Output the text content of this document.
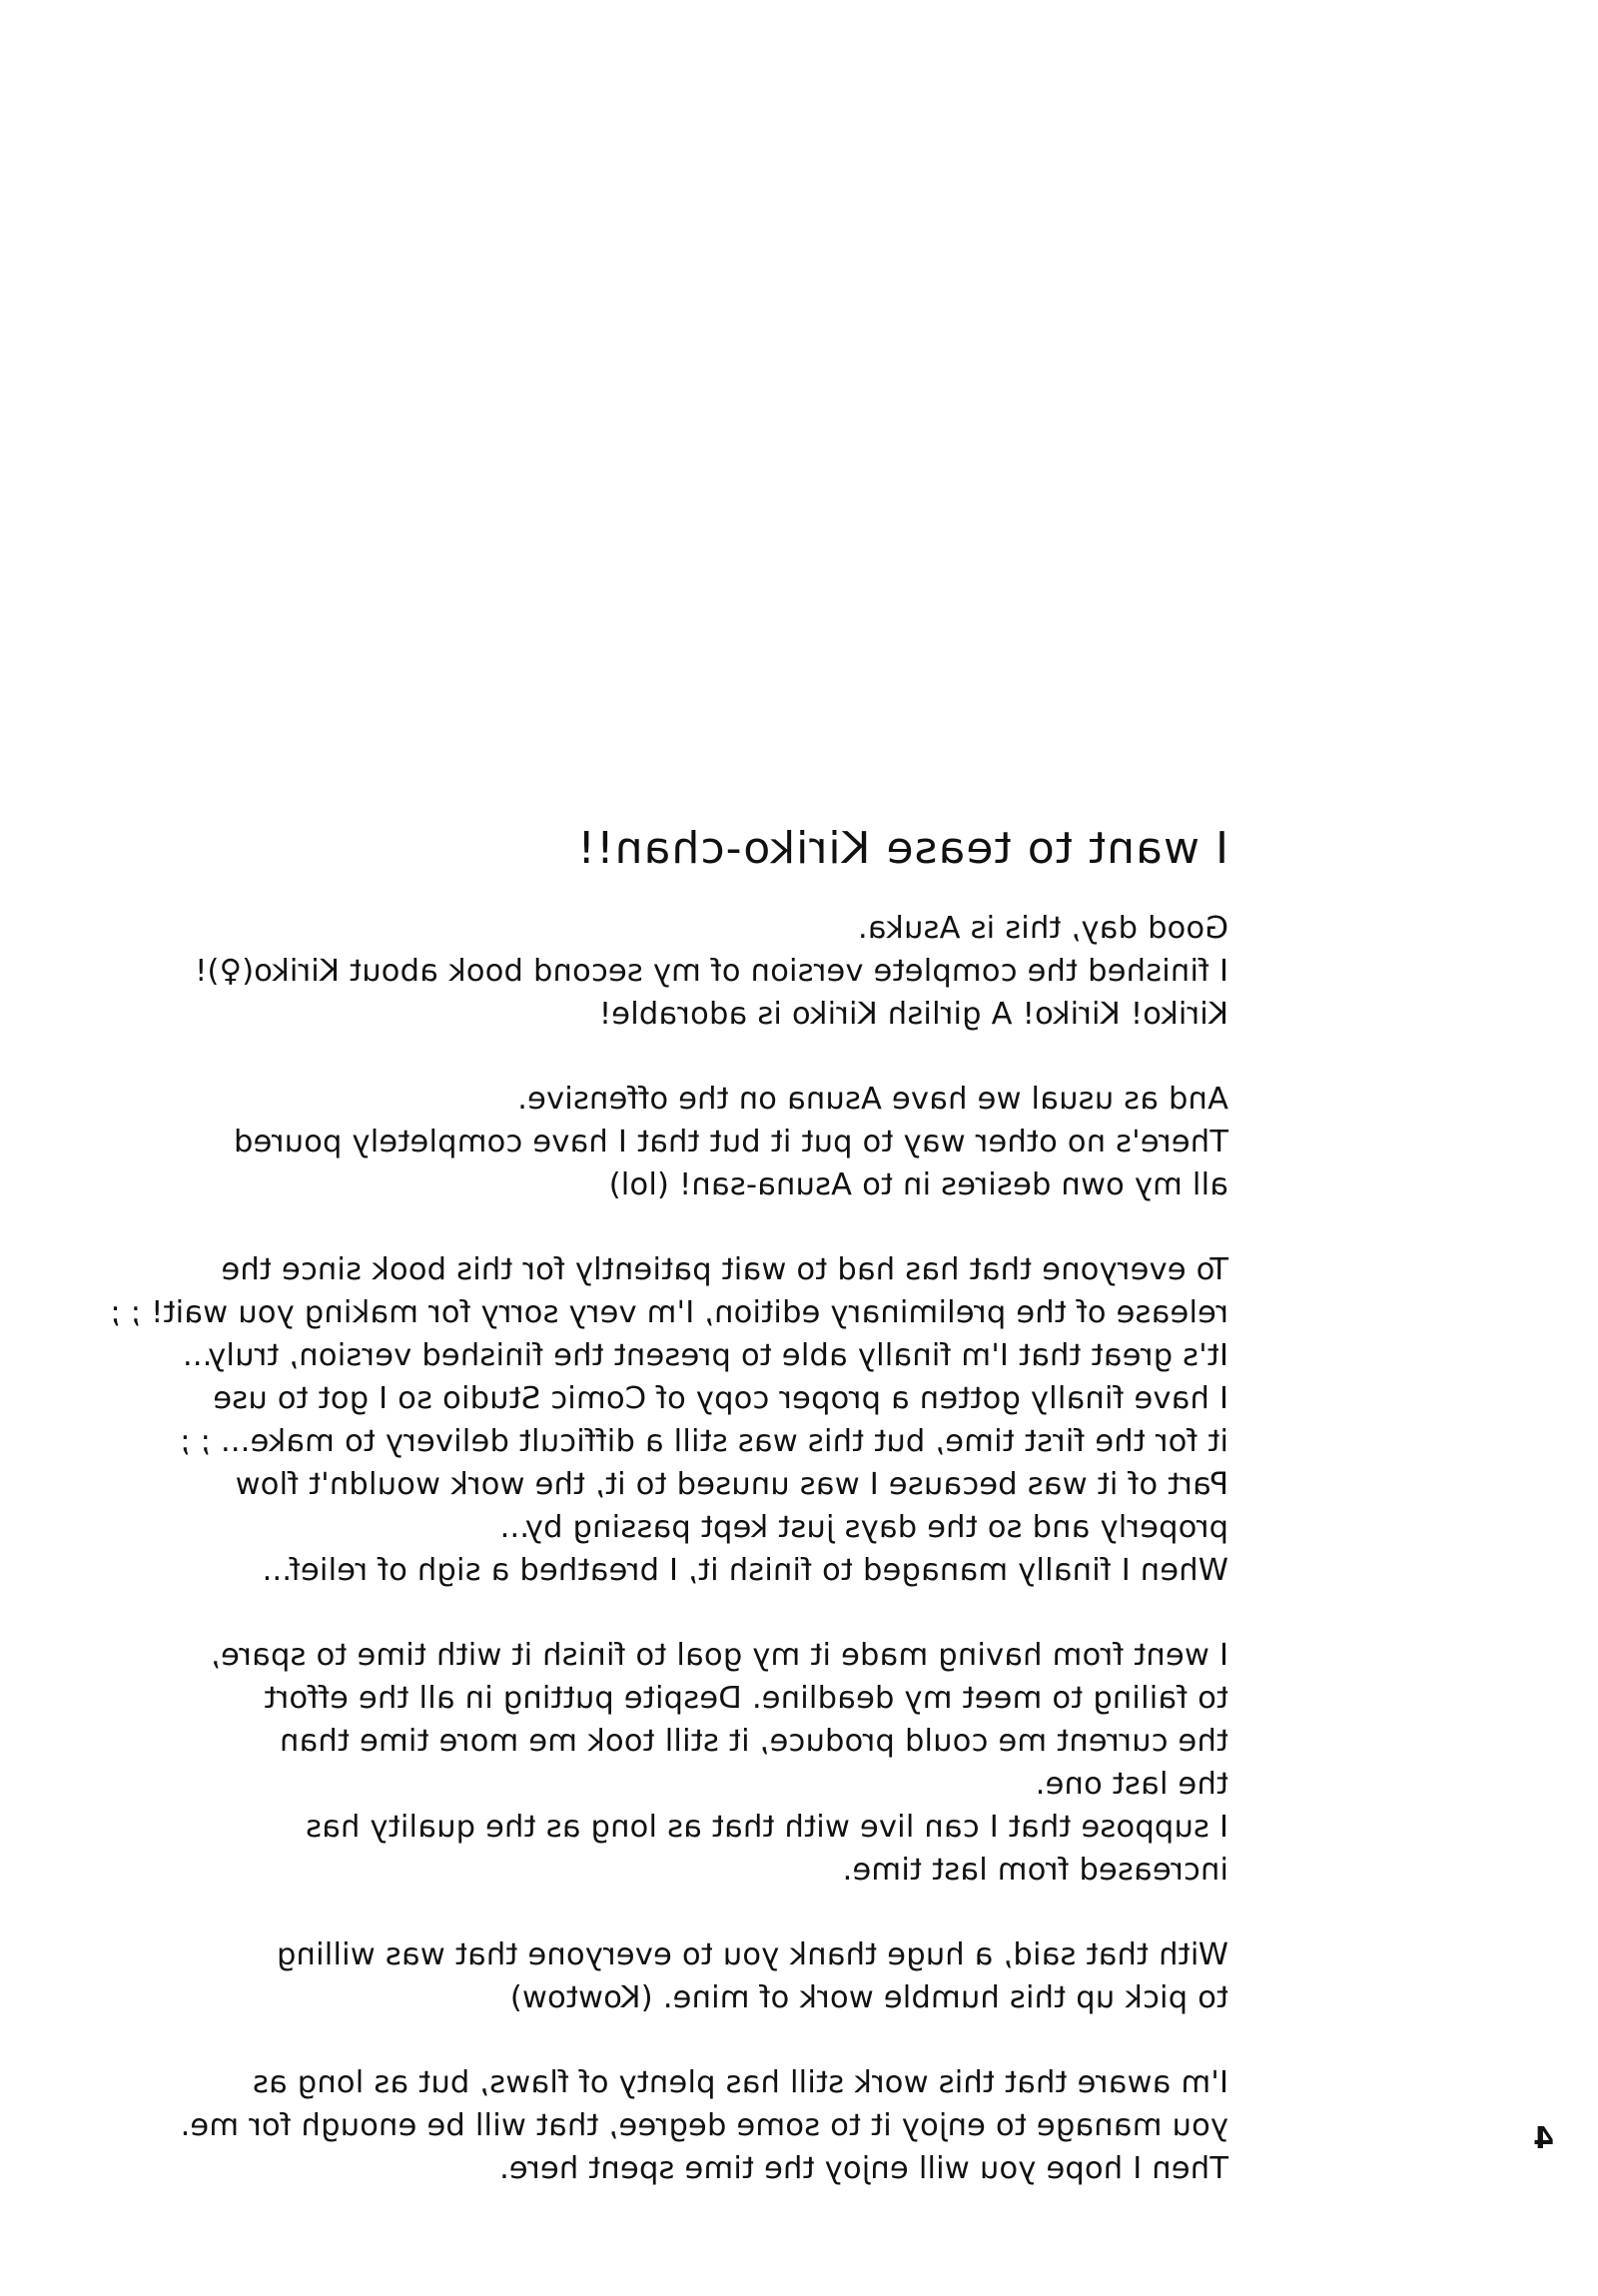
I want to tease Kiriko-chan!!
Good day, this is Asuka.
I finished the complete version of my second book about Kiriko(♀)!
Kiriko! Kiriko! A girlish Kiriko is adorable!
And as usual we have Asuna on the offensive.
There's no other way to put it but that I have completely poured
all my own desires in to Asuna-san! (lol)
To everyone that has had to wait patiently for this book since the
release of the preliminary edition, I'm very sorry for making you wait! ; ;
It's great that I'm finally able to present the finished version, truly...
I have finally gotten a proper copy of Comic Studio so I got to use
it for the first time, but this was still a difficult delivery to make... ; ;
Part of it was because I was unused to it, the work wouldn't flow
properly and so the days just kept passing by...
When I finally managed to finish it, I breathed a sigh of relief...
I went from having made it my goal to finish it with time to spare,
to failing to meet my deadline. Despite putting in all the effort
the current me could produce, it still took me more time than
the last one.
I suppose that I can live with that as long as the quality has
increased from last time.
With that said, a huge thank you to everyone that was willing
to pick up this humble work of mine. (Kowtow)
I'm aware that this work still has plenty of flaws, but as long as
you manage to enjoy it to some degree, that will be enough for me.
Then I hope you will enjoy the time spent here.
4
